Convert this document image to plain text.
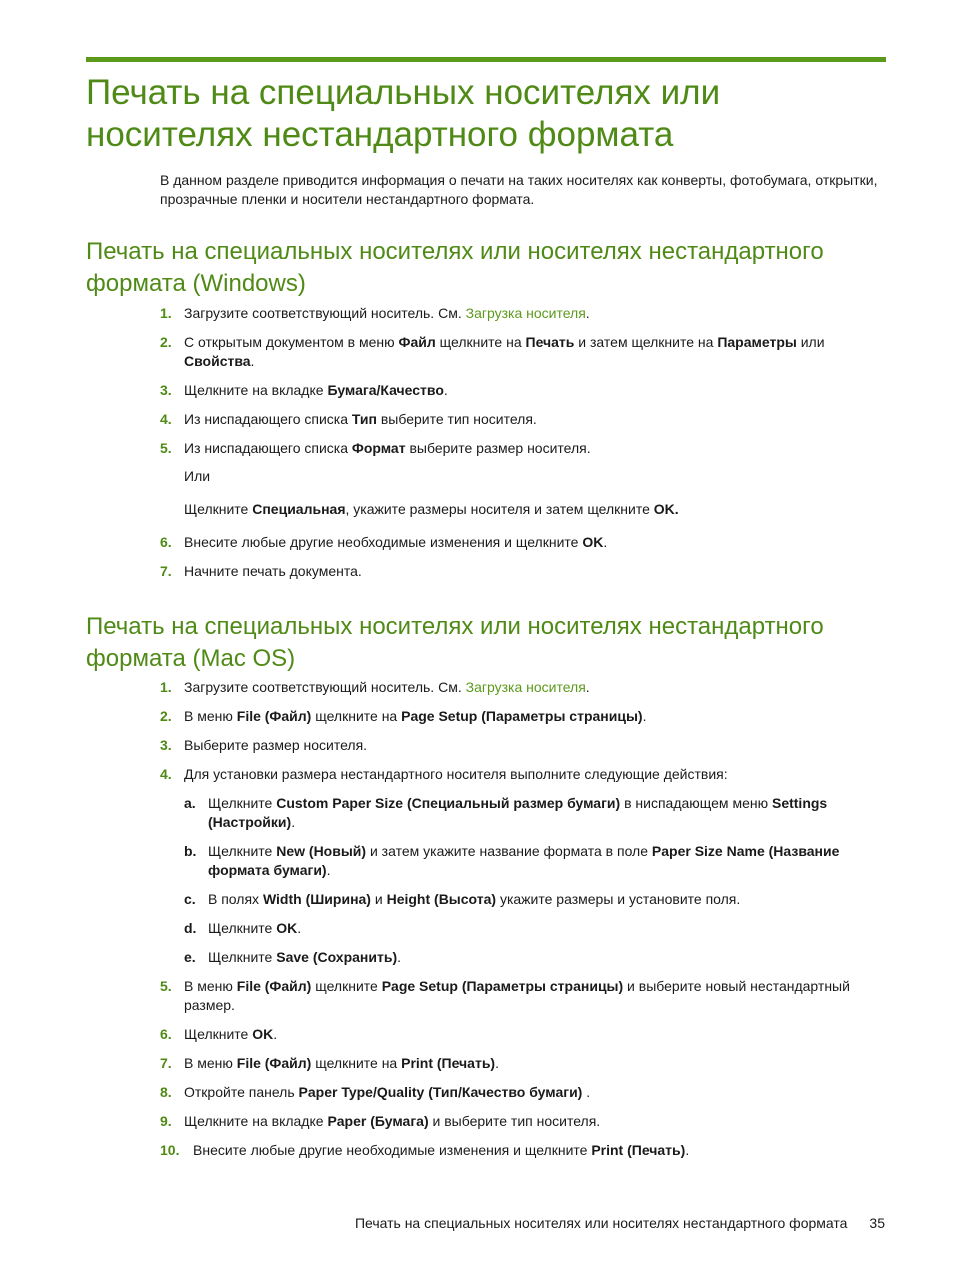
Печать на специальных носителях или носителях нестандартного формата

В данном разделе приводится информация о печати на таких носителях как конверты, фотобумага, открытки, прозрачные пленки и носители нестандартного формата.

Печать на специальных носителях или носителях нестандартного формата (Windows)
1. Загрузите соответствующий носитель. См. Загрузка носителя.
2. С открытым документом в меню Файл щелкните на Печать и затем щелкните на Параметры или Свойства.
3. Щелкните на вкладке Бумага/Качество.
4. Из ниспадающего списка Тип выберите тип носителя.
5. Из ниспадающего списка Формат выберите размер носителя.

Или

Щелкните Специальная, укажите размеры носителя и затем щелкните OK.

6. Внесите любые другие необходимые изменения и щелкните OK.
7. Начните печать документа.
Печать на специальных носителях или носителях нестандартного формата (Mac OS)
1. Загрузите соответствующий носитель. См. Загрузка носителя.
2. В меню File (Файл) щелкните на Page Setup (Параметры страницы).
3. Выберите размер носителя.
4. Для установки размера нестандартного носителя выполните следующие действия:
a. Щелкните Custom Paper Size (Специальный размер бумаги) в ниспадающем меню Settings (Настройки).
b. Щелкните New (Новый) и затем укажите название формата в поле Paper Size Name (Название формата бумаги).
c. В полях Width (Ширина) и Height (Высота) укажите размеры и установите поля.
d. Щелкните OK.
e. Щелкните Save (Сохранить).
5. В меню File (Файл) щелкните Page Setup (Параметры страницы) и выберите новый нестандартный размер.
6. Щелкните OK.
7. В меню File (Файл) щелкните на Print (Печать).
8. Откройте панель Paper Type/Quality (Тип/Качество бумаги) .
9. Щелкните на вкладке Paper (Бумага) и выберите тип носителя.
10. Внесите любые другие необходимые изменения и щелкните Print (Печать).
Печать на специальных носителях или носителях нестандартного формата 35
